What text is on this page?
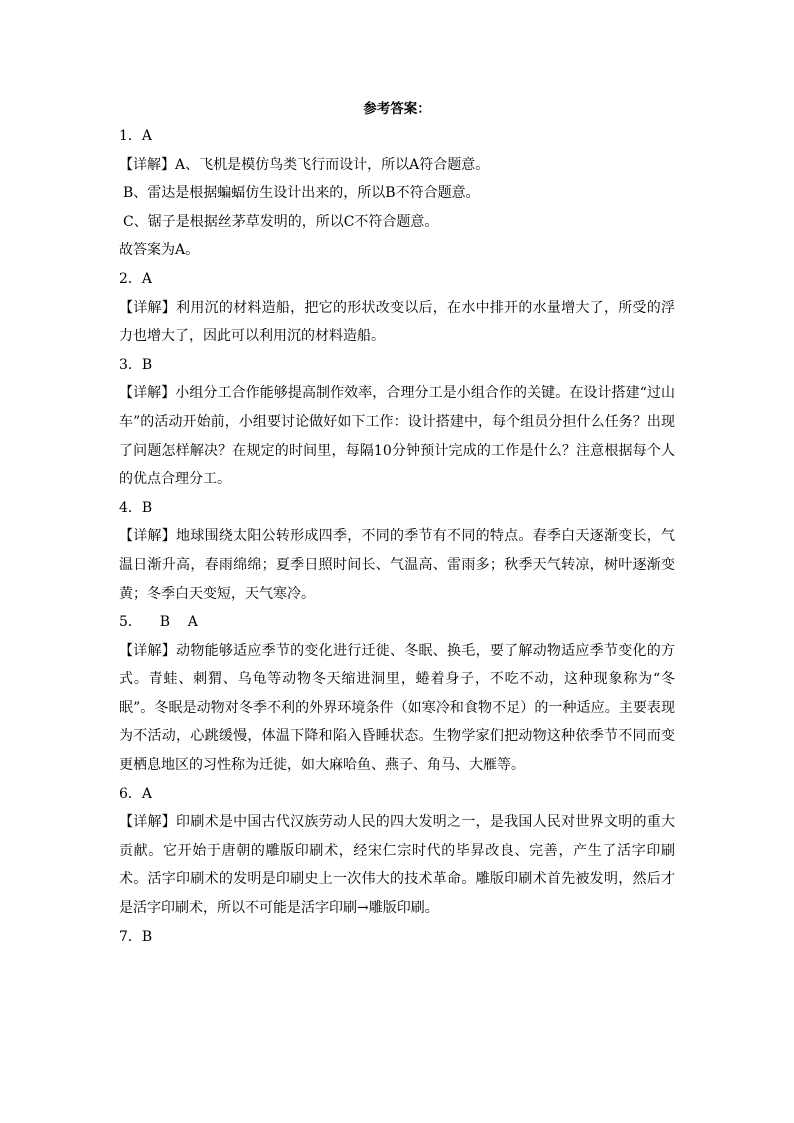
参考答案：
1．A
【详解】A、飞机是模仿鸟类飞行而设计，所以A符合题意。
B、雷达是根据蝙蝠仿生设计出来的，所以B不符合题意。
C、锯子是根据丝茅草发明的，所以C不符合题意。
故答案为A。
2．A
【详解】利用沉的材料造船，把它的形状改变以后，在水中排开的水量增大了，所受的浮力也增大了，因此可以利用沉的材料造船。
3．B
【详解】小组分工合作能够提高制作效率，合理分工是小组合作的关键。在设计搭建“过山车”的活动开始前，小组要讨论做好如下工作：设计搭建中，每个组员分担什么任务？出现了问题怎样解决？在规定的时间里，每隔10分钟预计完成的工作是什么？注意根据每个人的优点合理分工。
4．B
【详解】地球围绕太阳公转形成四季，不同的季节有不同的特点。春季白天逐渐变长，气温日渐升高，春雨绵绵；夏季日照时间长、气温高、雷雨多；秋季天气转凉，树叶逐渐变黄；冬季白天变短，天气寒冷。
5．    B    A
【详解】动物能够适应季节的变化进行迁徙、冬眠、换毛，要了解动物适应季节变化的方式。青蛙、刺猬、乌龟等动物冬天缩进洞里，蜷着身子，不吃不动，这种现象称为“冬眠”。冬眠是动物对冬季不利的外界环境条件（如寒冷和食物不足）的一种适应。主要表现为不活动，心跳缓慢，体温下降和陷入昏睡状态。生物学家们把动物这种依季节不同而变更栖息地区的习性称为迁徙，如大麻哈鱼、燕子、角马、大雁等。
6．A
【详解】印刷术是中国古代汉族劳动人民的四大发明之一，是我国人民对世界文明的重大贡献。它开始于唐朝的雕版印刷术，经宋仁宗时代的毕昇改良、完善，产生了活字印刷术。活字印刷术的发明是印刷史上一次伟大的技术革命。雕版印刷术首先被发明，然后才是活字印刷术，所以不可能是活字印刷→雕版印刷。
7．B
